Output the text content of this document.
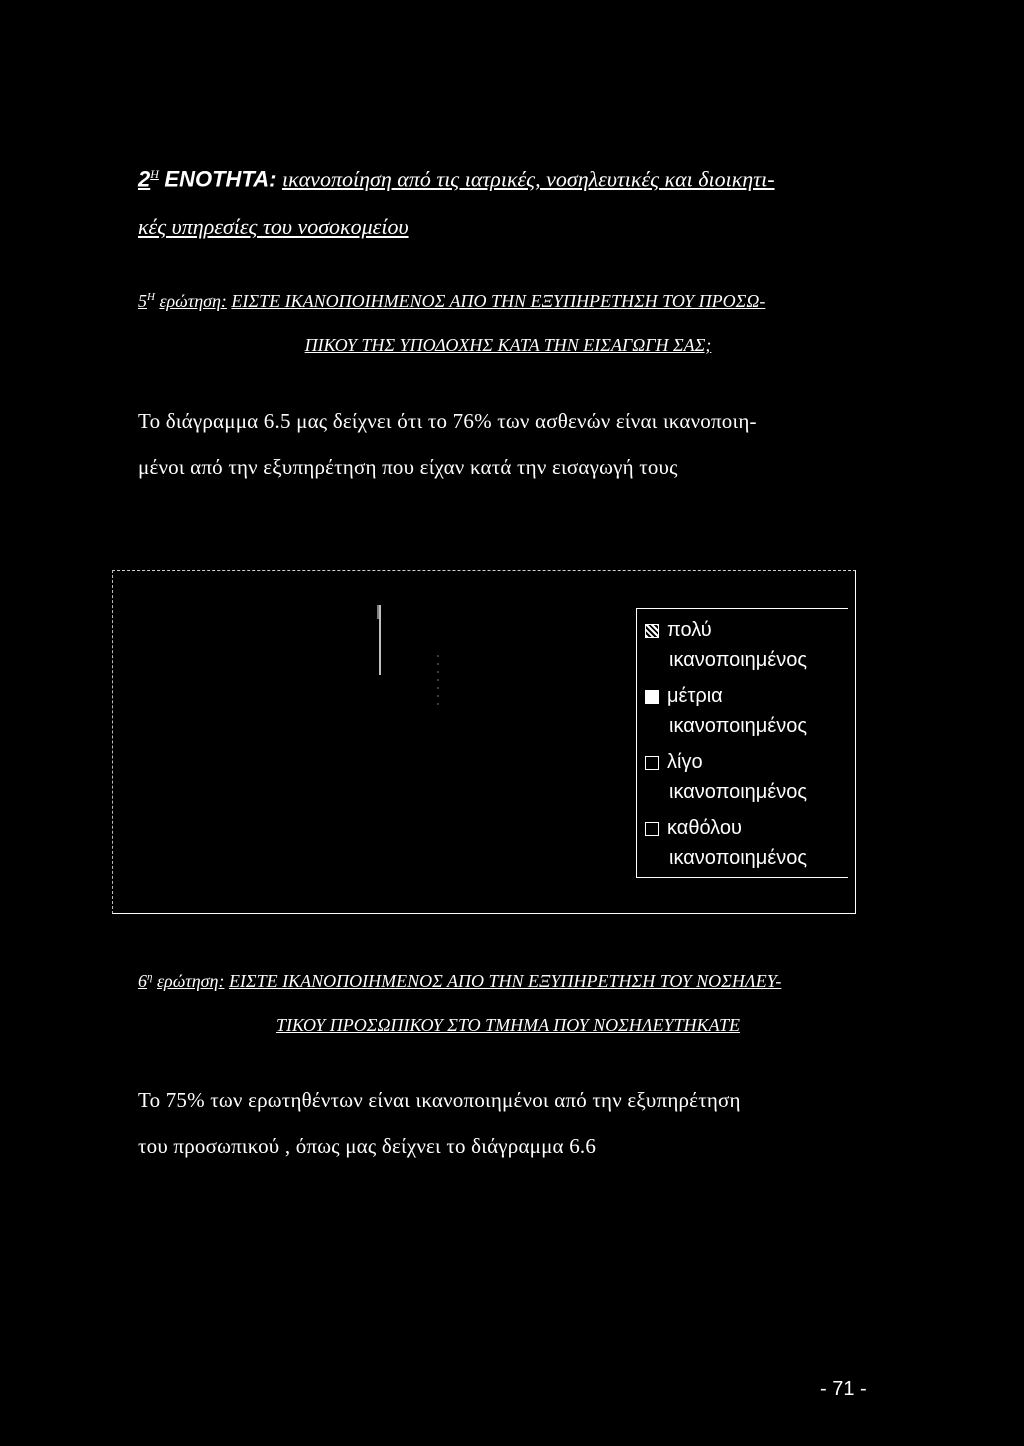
$2^H$ ΕΝΟΤΗΤΑ: ικανοποίηση από τις ιατρικές, νοσηλευτικές και διοικητι-
κές υπηρεσίες του νοσοκομείου
$5^H$ ερώτηση: ΕΙΣΤΕ ΙΚΑΝΟΠΟΙΗΜΕΝΟΣ ΑΠΟ ΤΗΝ ΕΞΥΠΗΡΕΤΗΣΗ ΤΟΥ ΠΡΟΣΩ-
ΠΙΚΟΥ ΤΗΣ ΥΠΟΔΟΧΗΣ ΚΑΤΑ ΤΗΝ ΕΙΣΑΓΩΓΗ ΣΑΣ;
Το διάγραμμα 6.5 μας δείχνει ότι το 76% των ασθενών είναι ικανοποιη-
μένοι από την εξυπηρέτηση που είχαν κατά την εισαγωγή τους
πολύ
ικανοποιημένος
μέτρια
ικανοποιημένος
λίγο
ικανοποιημένος
καθόλου
ικανοποιημένος
$6^\eta$ ερώτηση: ΕΙΣΤΕ ΙΚΑΝΟΠΟΙΗΜΕΝΟΣ ΑΠΟ ΤΗΝ ΕΞΥΠΗΡΕΤΗΣΗ ΤΟΥ ΝΟΣΗΛΕΥ-
ΤΙΚΟΥ ΠΡΟΣΩΠΙΚΟΥ ΣΤΟ ΤΜΗΜΑ ΠΟΥ ΝΟΣΗΛΕΥΤΗΚΑΤΕ
Το 75% των ερωτηθέντων είναι ικανοποιημένοι από την εξυπηρέτηση
του προσωπικού , όπως μας δείχνει το διάγραμμα 6.6
- 71 -
